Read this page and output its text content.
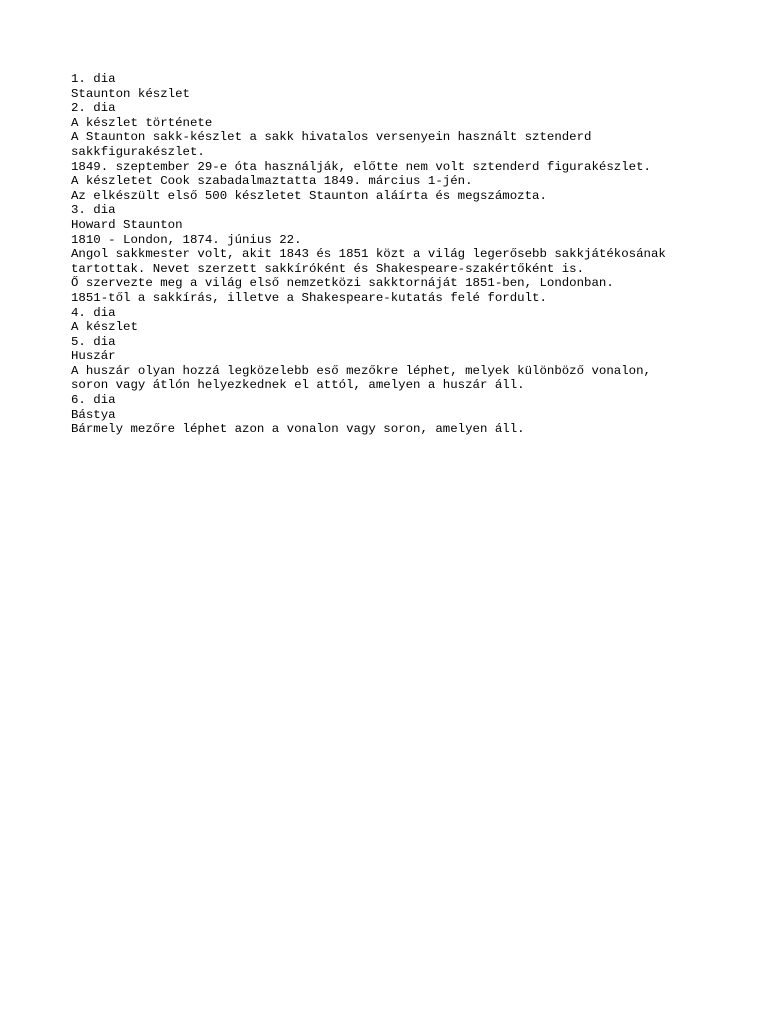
1. dia
Staunton készlet
2. dia
A készlet története
A Staunton sakk-készlet a sakk hivatalos versenyein használt sztenderd
sakkfigurakészlet.
1849. szeptember 29-e óta használják, előtte nem volt sztenderd figurakészlet.
A készletet Cook szabadalmaztatta 1849. március 1-jén.
Az elkészült első 500 készletet Staunton aláírta és megszámozta.
3. dia
Howard Staunton
1810 - London, 1874. június 22.
Angol sakkmester volt, akit 1843 és 1851 közt a világ legerősebb sakkjátékosának
tartottak. Nevet szerzett sakkíróként és Shakespeare-szakértőként is.
Ő szervezte meg a világ első nemzetközi sakktornáját 1851-ben, Londonban.
1851-től a sakkírás, illetve a Shakespeare-kutatás felé fordult.
4. dia
A készlet
5. dia
Huszár
A huszár olyan hozzá legközelebb eső mezőkre léphet, melyek különböző vonalon,
soron vagy átlón helyezkednek el attól, amelyen a huszár áll.
6. dia
Bástya
Bármely mezőre léphet azon a vonalon vagy soron, amelyen áll.
